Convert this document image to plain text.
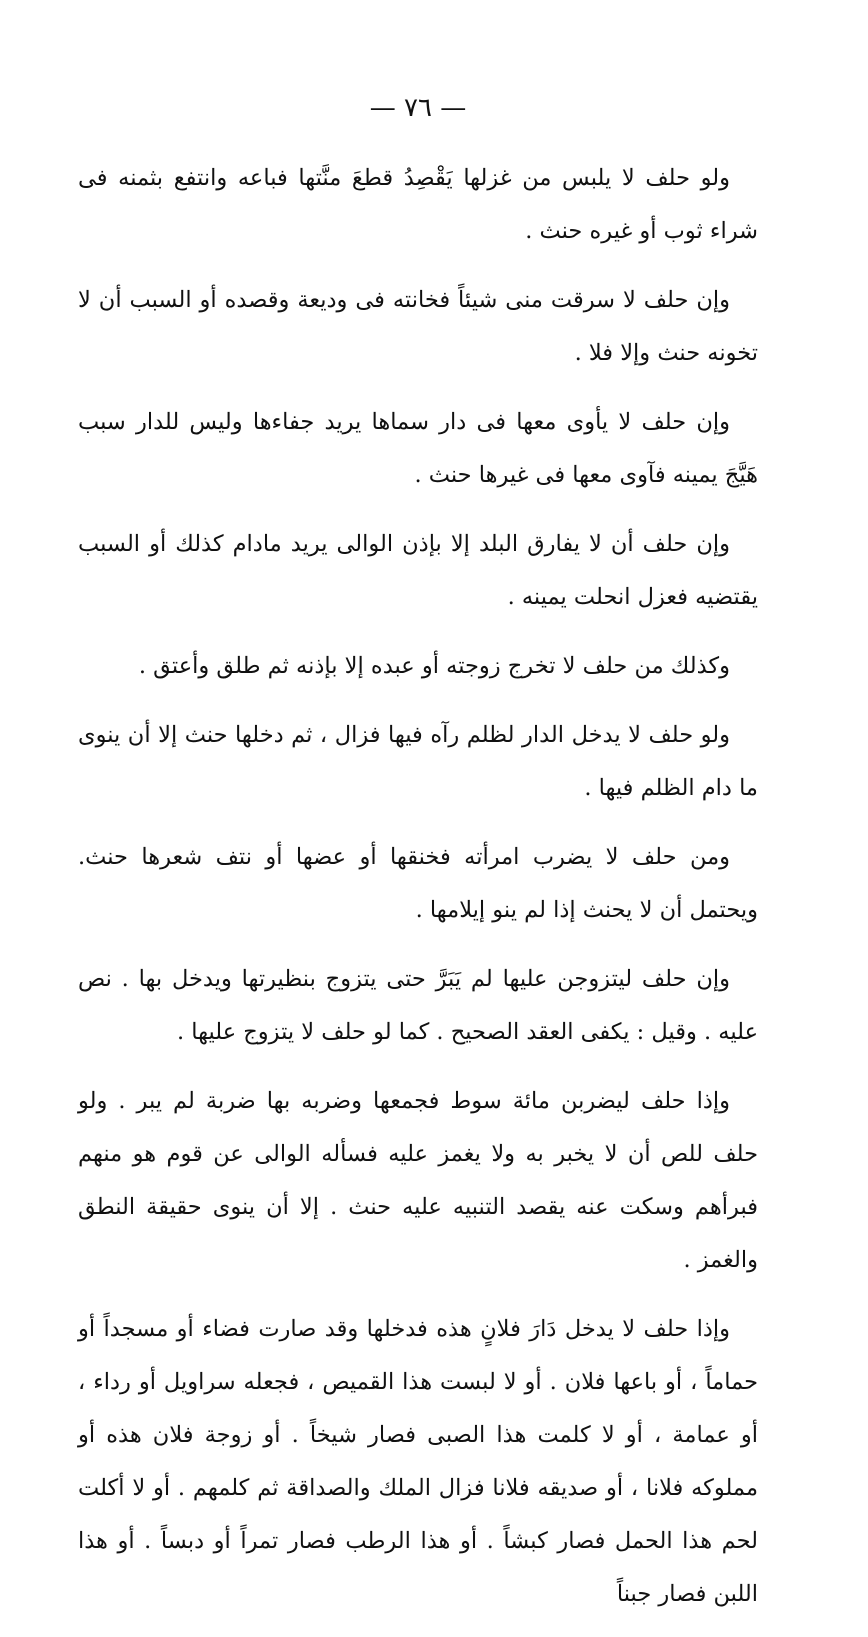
— ٧٦ —

ولو حلف لا يلبس من غزلها يَقْصِدُ قطعَ منَّتها فباعه وانتفع بثمنه فى شراء ثوب أو غيره حنث .

وإن حلف لا سرقت منى شيئاً فخانته فى وديعة وقصده أو السبب أن لا تخونه حنث وإلا فلا .

وإن حلف لا يأوى معها فى دار سماها يريد جفاءها وليس للدار سبب هَيَّجَ يمينه فآوى معها فى غيرها حنث .

وإن حلف أن لا يفارق البلد إلا بإذن الوالى يريد مادام كذلك أو السبب يقتضيه فعزل انحلت يمينه .

وكذلك من حلف لا تخرج زوجته أو عبده إلا بإذنه ثم طلق وأعتق .

ولو حلف لا يدخل الدار لظلم رآه فيها فزال ، ثم دخلها حنث إلا أن ينوى ما دام الظلم فيها .

ومن حلف لا يضرب امرأته فخنقها أو عضها أو نتف شعرها حنث. ويحتمل أن لا يحنث إذا لم ينو إيلامها .

وإن حلف ليتزوجن عليها لم يَبَرَّ حتى يتزوج بنظيرتها ويدخل بها . نص عليه . وقيل : يكفى العقد الصحيح . كما لو حلف لا يتزوج عليها .

وإذا حلف ليضربن مائة سوط فجمعها وضربه بها ضربة لم يبر . ولو حلف للص أن لا يخبر به ولا يغمز عليه فسأله الوالى عن قوم هو منهم فبرأهم وسكت عنه يقصد التنبيه عليه حنث . إلا أن ينوى حقيقة النطق والغمز .

وإذا حلف لا يدخل دَارَ فلانٍ هذه فدخلها وقد صارت فضاء أو مسجداً أو حماماً ، أو باعها فلان . أو لا لبست هذا القميص ، فجعله سراويل أو رداء ، أو عمامة ، أو لا كلمت هذا الصبى فصار شيخاً . أو زوجة فلان هذه أو مملوكه فلانا ، أو صديقه فلانا فزال الملك والصداقة ثم كلمهم . أو لا أكلت لحم هذا الحمل فصار كبشاً . أو هذا الرطب فصار تمراً أو دبساً . أو هذا اللبن فصار جبناً
